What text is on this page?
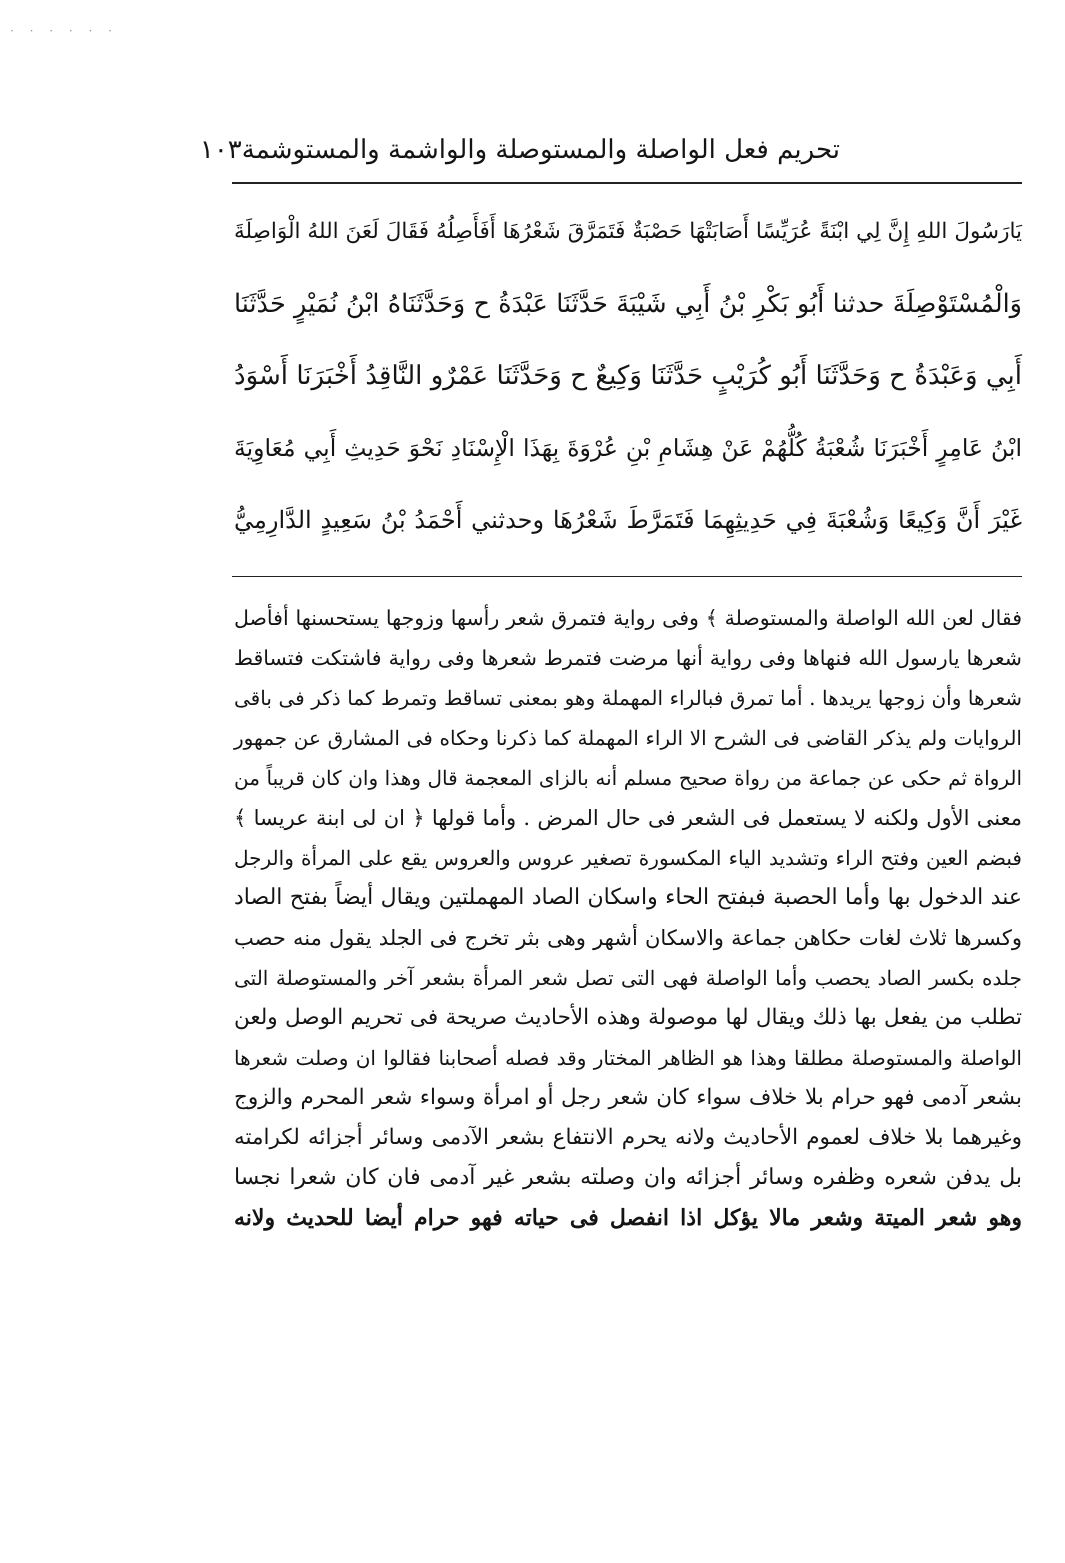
· · · · · ·
تحريم فعل الواصلة والمستوصلة والواشمة والمستوشمة
١٠٣
يَارَسُولَ اللهِ إِنَّ لِي ابْنَةً عُرَيِّسًا أَصَابَتْهَا حَصْبَةٌ فَتَمَرَّقَ شَعْرُهَا أَفَأَصِلُهُ فَقَالَ لَعَنَ اللهُ الْوَاصِلَةَ
وَالْمُسْتَوْصِلَةَ حدثنا أَبُو بَكْرِ بْنُ أَبِي شَيْبَةَ حَدَّثَنَا عَبْدَةُ ح وَحَدَّثَنَاهُ ابْنُ نُمَيْرٍ حَدَّثَنَا
أَبِي وَعَبْدَةُ ح وَحَدَّثَنَا أَبُو كُرَيْبٍ حَدَّثَنَا وَكِيعٌ ح وَحَدَّثَنَا عَمْرٌو النَّاقِدُ أَخْبَرَنَا أَسْوَدُ
ابْنُ عَامِرٍ أَخْبَرَنَا شُعْبَةُ كُلُّهُمْ عَنْ هِشَامِ بْنِ عُرْوَةَ بِهَذَا الْإِسْنَادِ نَحْوَ حَدِيثِ أَبِي مُعَاوِيَةَ
غَيْرَ أَنَّ وَكِيعًا وَشُعْبَةَ فِي حَدِيثِهِمَا فَتَمَرَّطَ شَعْرُهَا وحدثني أَحْمَدُ بْنُ سَعِيدٍ الدَّارِمِيُّ
فقال لعن الله الواصلة والمستوصلة ﴾ وفى رواية فتمرق شعر رأسها وزوجها يستحسنها أفأصل
شعرها يارسول الله فنهاها وفى رواية أنها مرضت فتمرط شعرها وفى رواية فاشتكت فتساقط
شعرها وأن زوجها يريدها . أما تمرق فبالراء المهملة وهو بمعنى تساقط وتمرط كما ذكر فى باقى
الروايات ولم يذكر القاضى فى الشرح الا الراء المهملة كما ذكرنا وحكاه فى المشارق عن جمهور
الرواة ثم حكى عن جماعة من رواة صحيح مسلم أنه بالزاى المعجمة قال وهذا وان كان قريباً من
معنى الأول ولكنه لا يستعمل فى الشعر فى حال المرض . وأما قولها ﴿ ان لى ابنة عريسا ﴾
فبضم العين وفتح الراء وتشديد الياء المكسورة تصغير عروس والعروس يقع على المرأة والرجل
عند الدخول بها وأما الحصبة فبفتح الحاء واسكان الصاد المهملتين ويقال أيضاً بفتح الصاد
وكسرها ثلاث لغات حكاهن جماعة والاسكان أشهر وهى بثر تخرج فى الجلد يقول منه حصب
جلده بكسر الصاد يحصب وأما الواصلة فهى التى تصل شعر المرأة بشعر آخر والمستوصلة التى
تطلب من يفعل بها ذلك ويقال لها موصولة وهذه الأحاديث صريحة فى تحريم الوصل ولعن
الواصلة والمستوصلة مطلقا وهذا هو الظاهر المختار وقد فصله أصحابنا فقالوا ان وصلت شعرها
بشعر آدمى فهو حرام بلا خلاف سواء كان شعر رجل أو امرأة وسواء شعر المحرم والزوج
وغيرهما بلا خلاف لعموم الأحاديث ولانه يحرم الانتفاع بشعر الآدمى وسائر أجزائه لكرامته
بل يدفن شعره وظفره وسائر أجزائه وان وصلته بشعر غير آدمى فان كان شعرا نجسا
وهو شعر الميتة وشعر مالا يؤكل اذا انفصل فى حياته فهو حرام أيضا للحديث ولانه
